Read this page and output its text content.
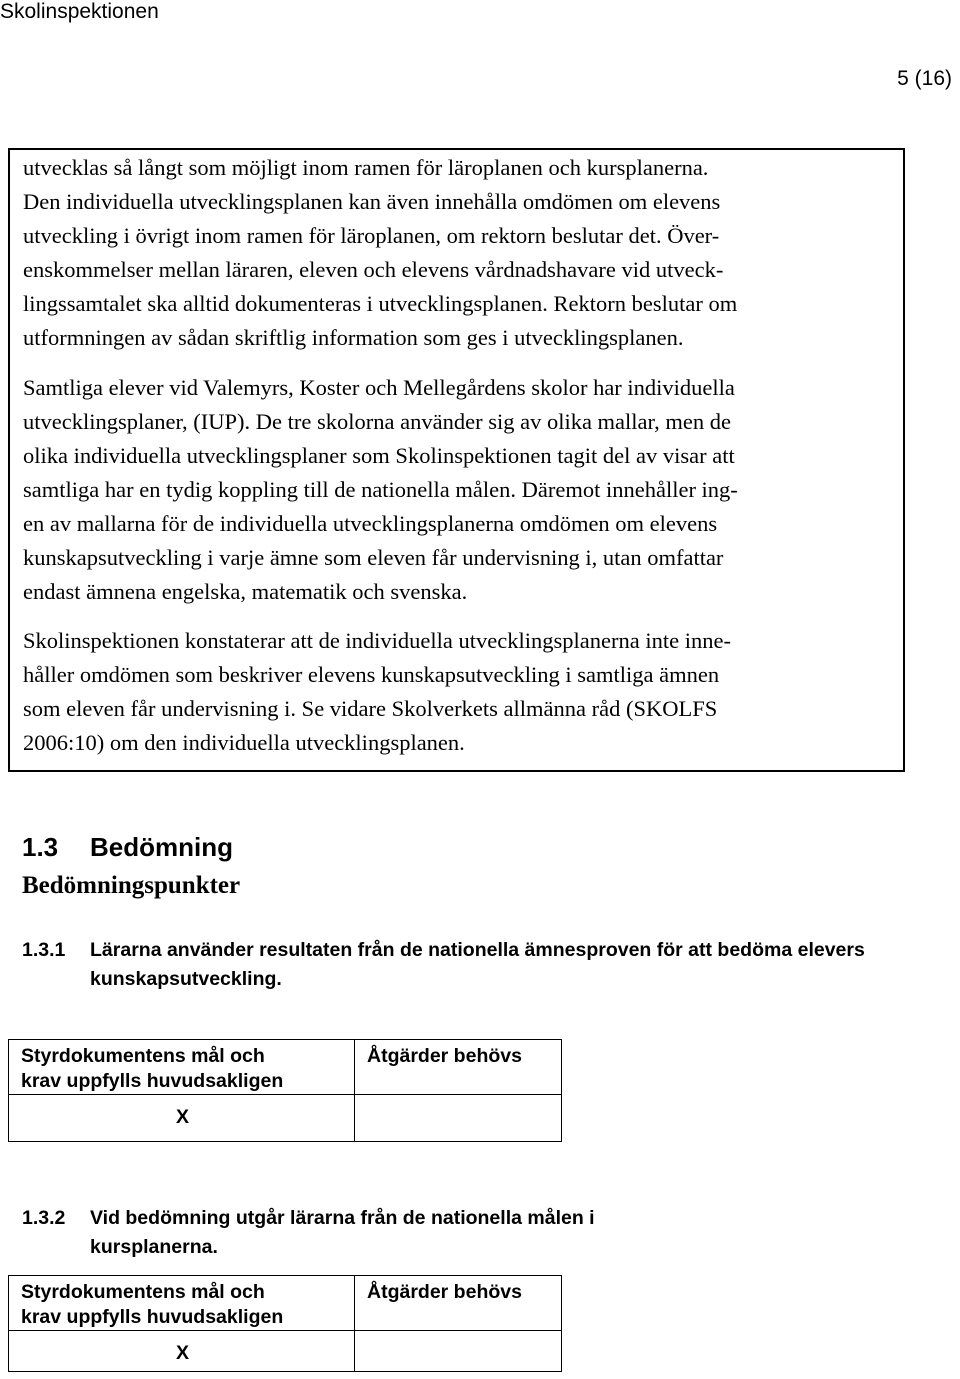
Skolinspektionen
5 (16)

utvecklas så långt som möjligt inom ramen för läroplanen och kursplanerna.

Den individuella utvecklingsplanen kan även innehålla omdömen om elevens

utveckling i övrigt inom ramen för läroplanen, om rektorn beslutar det. Över-

enskommelser mellan läraren, eleven och elevens vårdnadshavare vid utveck-

lingssamtalet ska alltid dokumenteras i utvecklingsplanen. Rektorn beslutar om

utformningen av sådan skriftlig information som ges i utvecklingsplanen.

Samtliga elever vid Valemyrs, Koster och Mellegårdens skolor har individuella

utvecklingsplaner, (IUP). De tre skolorna använder sig av olika mallar, men de

olika individuella utvecklingsplaner som Skolinspektionen tagit del av visar att

samtliga har en tydig koppling till de nationella målen. Däremot innehåller ing-

en av mallarna för de individuella utvecklingsplanerna omdömen om elevens

kunskapsutveckling i varje ämne som eleven får undervisning i, utan omfattar

endast ämnena engelska, matematik och svenska.

Skolinspektionen konstaterar att de individuella utvecklingsplanerna inte inne-

håller omdömen som beskriver elevens kunskapsutveckling i samtliga ämnen

som eleven får undervisning i. Se vidare Skolverkets allmänna råd (SKOLFS

2006:10) om den individuella utvecklingsplanen.

1.3 Bedömning
Bedömningspunkter
1.3.1 Lärarna använder resultaten från de nationella ämnesproven för att bedöma elevers
kunskapsutveckling.
Styrdokumentens mål och
krav uppfylls huvudsakligen	Åtgärder behövs

X	

1.3.2 Vid bedömning utgår lärarna från de nationella målen i
kursplanerna.
Styrdokumentens mål och
krav uppfylls huvudsakligen	Åtgärder behövs

X	
